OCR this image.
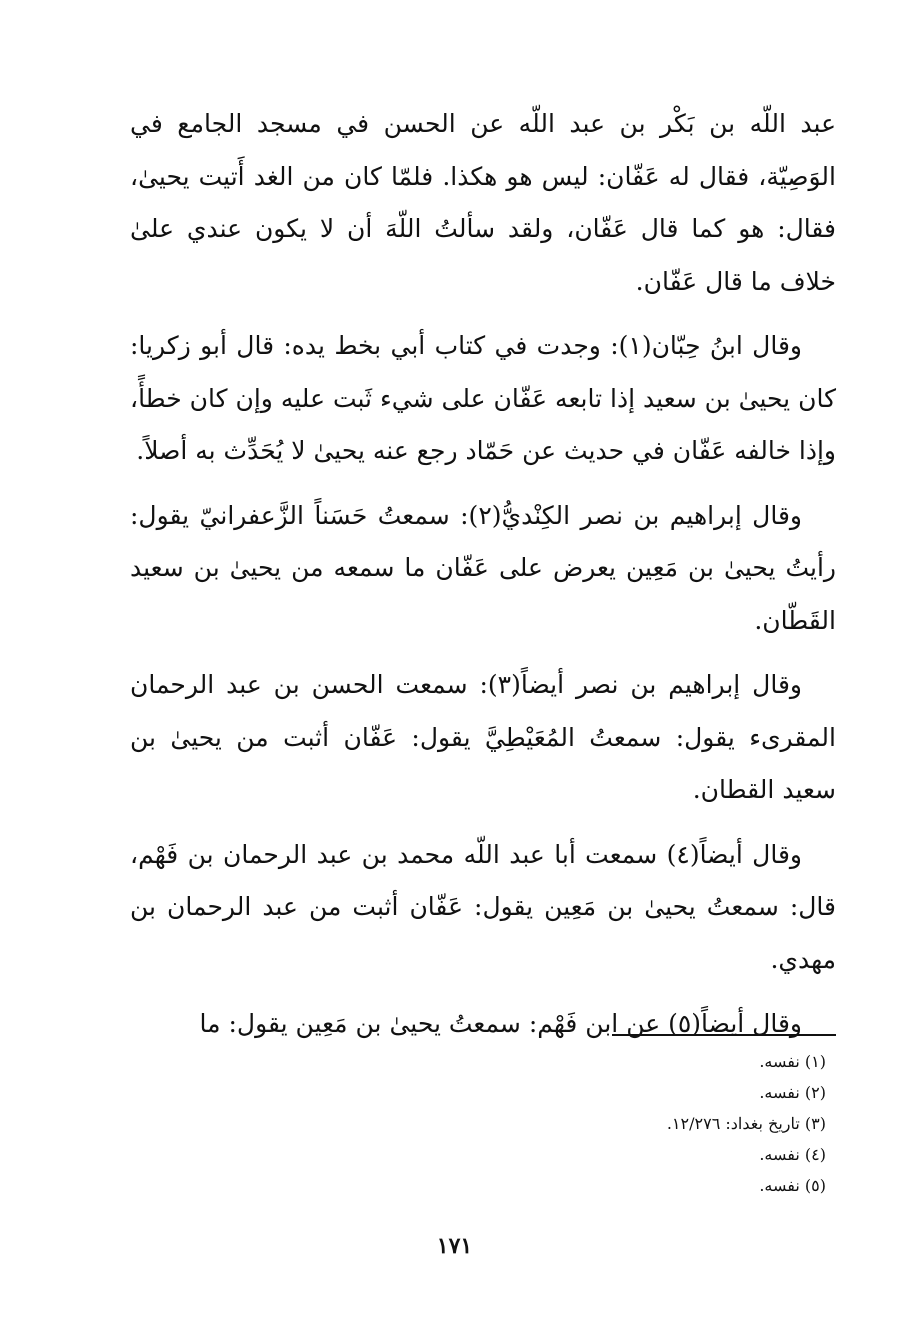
عبد اللّه بن بَكْر بن عبد اللّه عن الحسن في مسجد الجامع في الوَصِيّة، فقال له عَفّان: ليس هو هكذا. فلمّا كان من الغد أَتيت يحيىٰ، فقال: هو كما قال عَفّان، ولقد سألتُ اللّهَ أن لا يكون عندي علىٰ خلاف ما قال عَفّان.

وقال ابنُ حِبّان(١): وجدت في كتاب أبي بخط يده: قال أبو زكريا: كان يحيىٰ بن سعيد إذا تابعه عَفّان على شيء ثَبت عليه وإن كان خطأً، وإذا خالفه عَفّان في حديث عن حَمّاد رجع عنه يحيىٰ لا يُحَدِّث به أصلاً.

وقال إبراهيم بن نصر الكِنْديُّ(٢): سمعتُ حَسَناً الزَّعفرانيّ يقول: رأيتُ يحيىٰ بن مَعِين يعرض على عَفّان ما سمعه من يحيىٰ بن سعيد القَطّان.

وقال إبراهيم بن نصر أيضاً(٣): سمعت الحسن بن عبد الرحمان المقرىء يقول: سمعتُ المُعَيْطِيَّ يقول: عَفّان أثبت من يحيىٰ بن سعيد القطان.

وقال أيضاً(٤) سمعت أبا عبد اللّه محمد بن عبد الرحمان بن فَهْم، قال: سمعتُ يحيىٰ بن مَعِين يقول: عَفّان أثبت من عبد الرحمان بن مهدي.

وقال أيضاً(٥) عن ابن فَهْم: سمعتُ يحيىٰ بن مَعِين يقول: ما

(١) نفسه.

(٢) نفسه.

(٣) تاريخ بغداد: ١٢/٢٧٦.

(٤) نفسه.

(٥) نفسه.

١٧١
